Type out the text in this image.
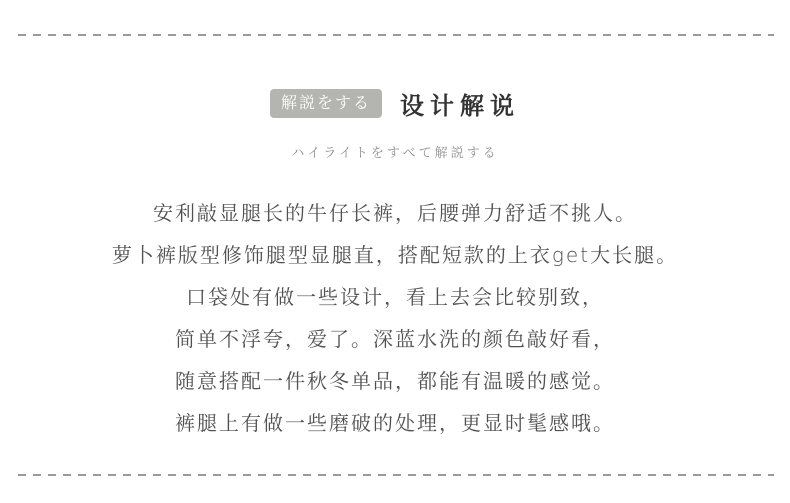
解説をする	设计解说
ハイライトをすべて解説する

安利敲显腿长的牛仔长裤，后腰弹力舒适不挑人。

萝卜裤版型修饰腿型显腿直，搭配短款的上衣get大长腿。

口袋处有做一些设计，看上去会比较别致，

简单不浮夸，爱了。深蓝水洗的颜色敲好看，

随意搭配一件秋冬单品，都能有温暖的感觉。

裤腿上有做一些磨破的处理，更显时髦感哦。
